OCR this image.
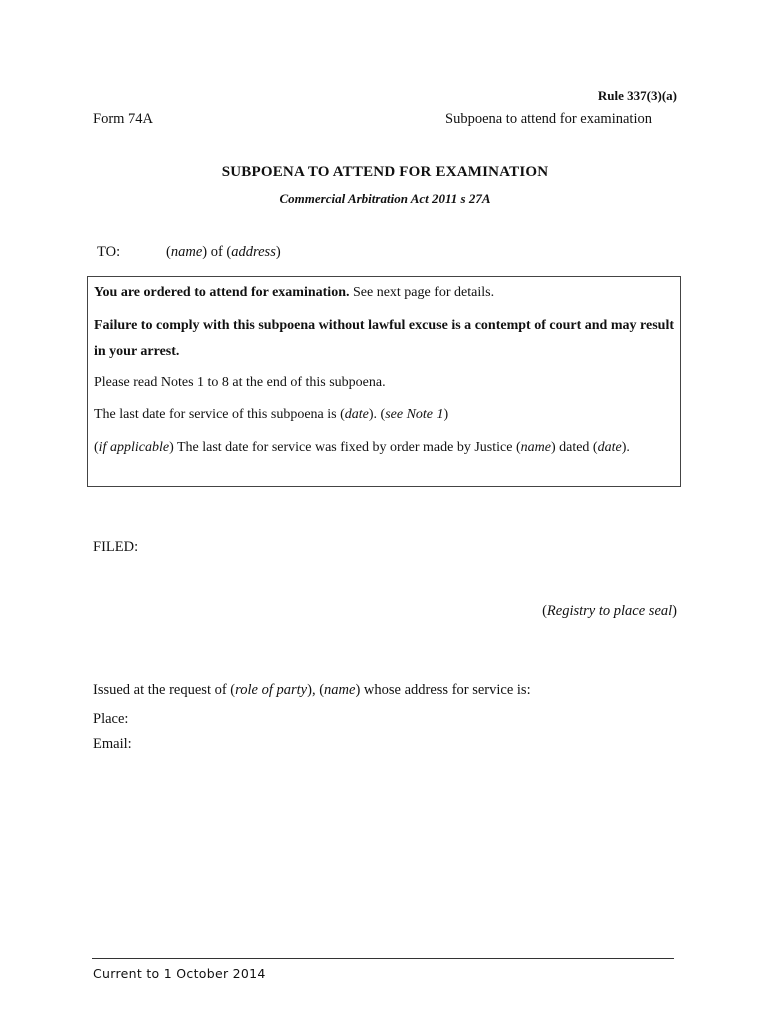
Rule 337(3)(a)
Form 74A	Subpoena to attend for examination
SUBPOENA TO ATTEND FOR EXAMINATION
Commercial Arbitration Act 2011 s 27A
TO:	(name) of (address)

You are ordered to attend for examination. See next page for details.

Failure to comply with this subpoena without lawful excuse is a contempt of court and may result in your arrest.

Please read Notes 1 to 8 at the end of this subpoena.

The last date for service of this subpoena is (date). (see Note 1)

(if applicable) The last date for service was fixed by order made by Justice (name) dated (date).

FILED:
(Registry to place seal)
Issued at the request of (role of party), (name) whose address for service is:
Place:
Email:
Current to 1 October 2014
